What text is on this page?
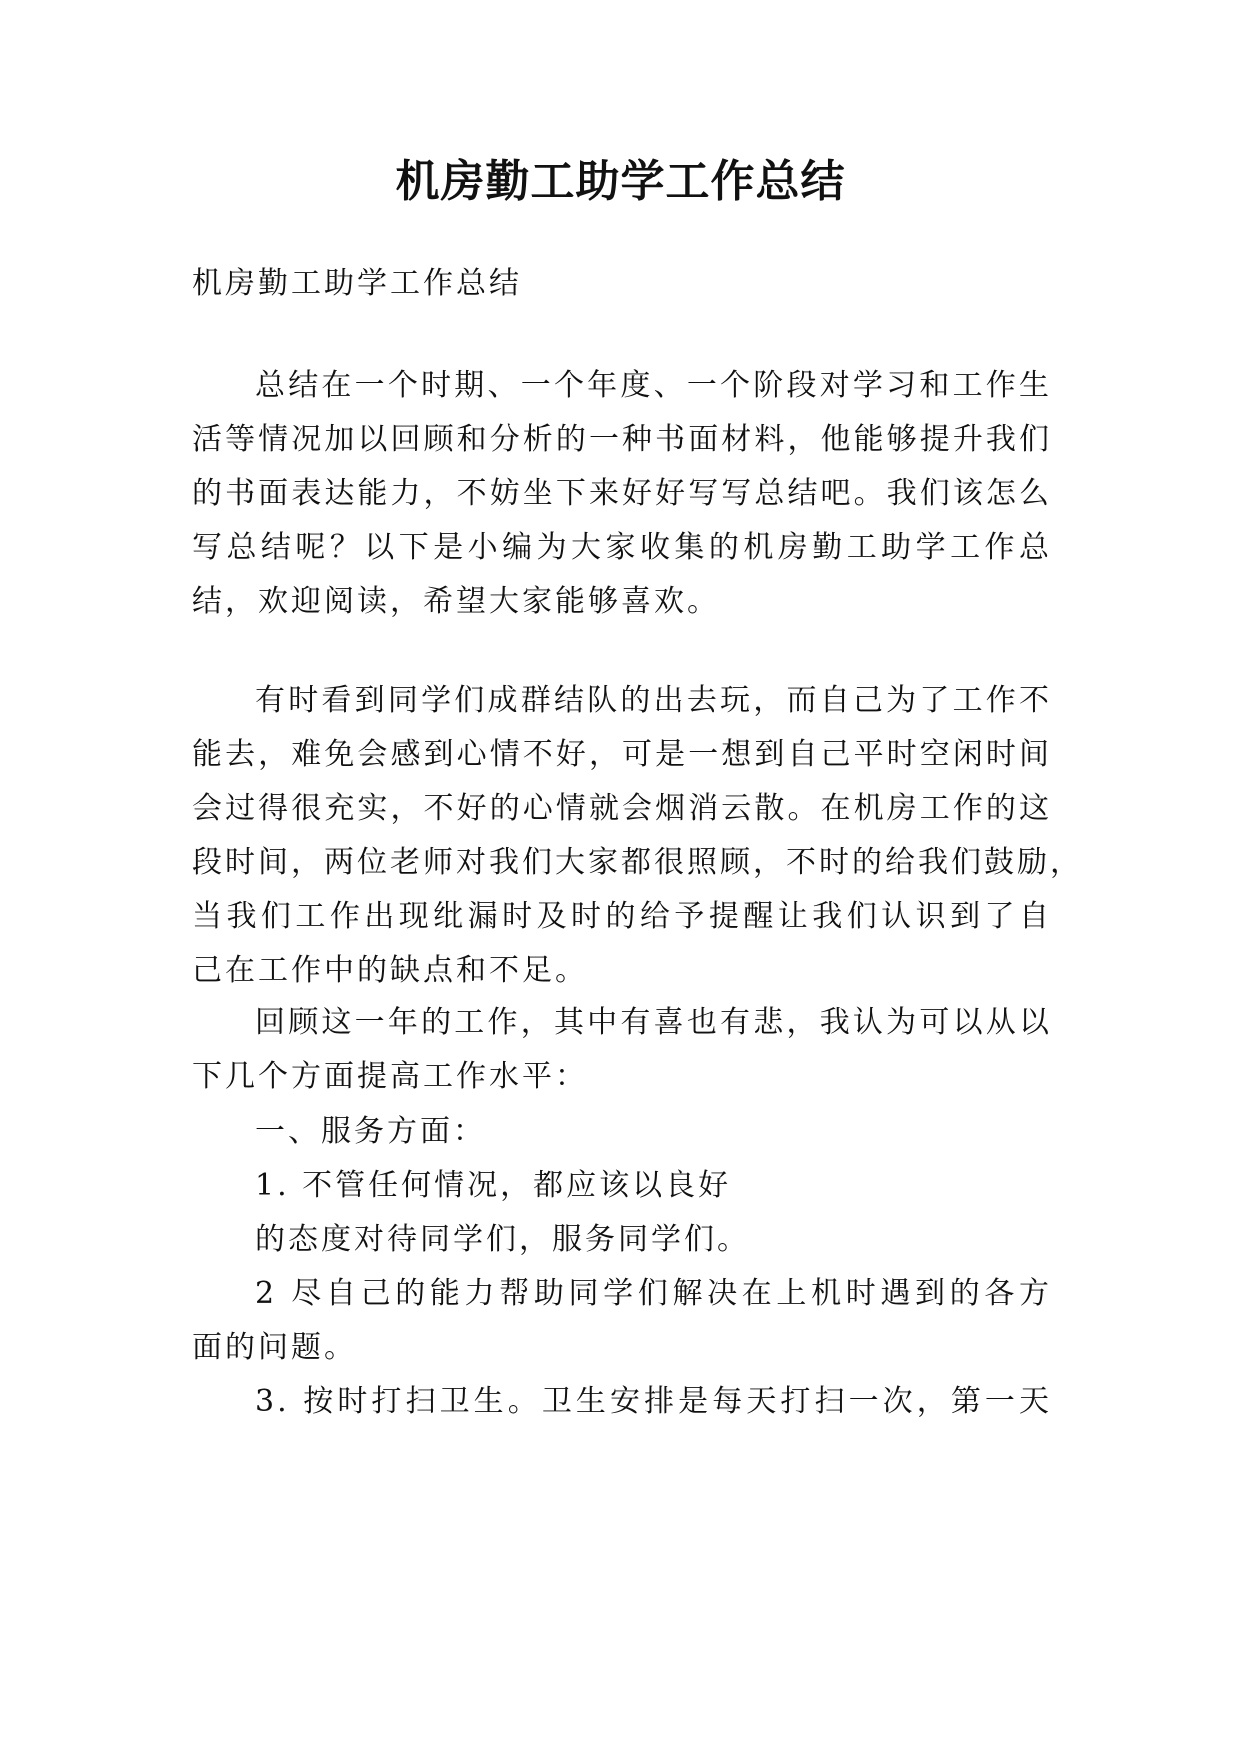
机房勤工助学工作总结
机房勤工助学工作总结
总结在一个时期、一个年度、一个阶段对学习和工作生
活等情况加以回顾和分析的一种书面材料，他能够提升我们
的书面表达能力，不妨坐下来好好写写总结吧。我们该怎么
写总结呢？以下是小编为大家收集的机房勤工助学工作总
结，欢迎阅读，希望大家能够喜欢。
有时看到同学们成群结队的出去玩，而自己为了工作不
能去，难免会感到心情不好，可是一想到自己平时空闲时间
会过得很充实，不好的心情就会烟消云散。在机房工作的这
段时间，两位老师对我们大家都很照顾，不时的给我们鼓励，
当我们工作出现纰漏时及时的给予提醒让我们认识到了自
己在工作中的缺点和不足。
回顾这一年的工作，其中有喜也有悲，我认为可以从以
下几个方面提高工作水平：
一、服务方面：
1. 不管任何情况，都应该以良好
的态度对待同学们，服务同学们。
2 尽自己的能力帮助同学们解决在上机时遇到的各方
面的问题。
3. 按时打扫卫生。卫生安排是每天打扫一次，第一天
